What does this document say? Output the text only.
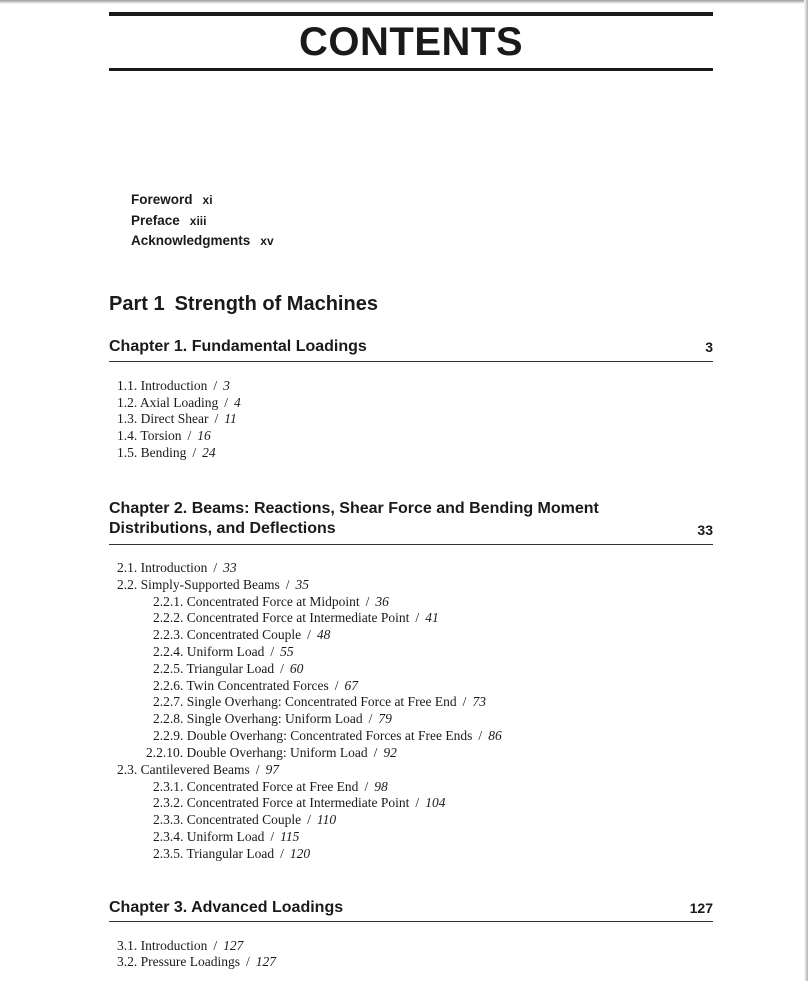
CONTENTS
Foreword xi
Preface xiii
Acknowledgments xv
Part 1 Strength of Machines
Chapter 1. Fundamental Loadings	3
1.1. Introduction / 3
1.2. Axial Loading / 4
1.3. Direct Shear / 11
1.4. Torsion / 16
1.5. Bending / 24
Chapter 2. Beams: Reactions, Shear Force and Bending Moment
Distributions, and Deflections	33
2.1. Introduction / 33
2.2. Simply-Supported Beams / 35
2.2.1. Concentrated Force at Midpoint / 36
2.2.2. Concentrated Force at Intermediate Point / 41
2.2.3. Concentrated Couple / 48
2.2.4. Uniform Load / 55
2.2.5. Triangular Load / 60
2.2.6. Twin Concentrated Forces / 67
2.2.7. Single Overhang: Concentrated Force at Free End / 73
2.2.8. Single Overhang: Uniform Load / 79
2.2.9. Double Overhang: Concentrated Forces at Free Ends / 86
2.2.10. Double Overhang: Uniform Load / 92
2.3. Cantilevered Beams / 97
2.3.1. Concentrated Force at Free End / 98
2.3.2. Concentrated Force at Intermediate Point / 104
2.3.3. Concentrated Couple / 110
2.3.4. Uniform Load / 115
2.3.5. Triangular Load / 120
Chapter 3. Advanced Loadings	127
3.1. Introduction / 127
3.2. Pressure Loadings / 127
